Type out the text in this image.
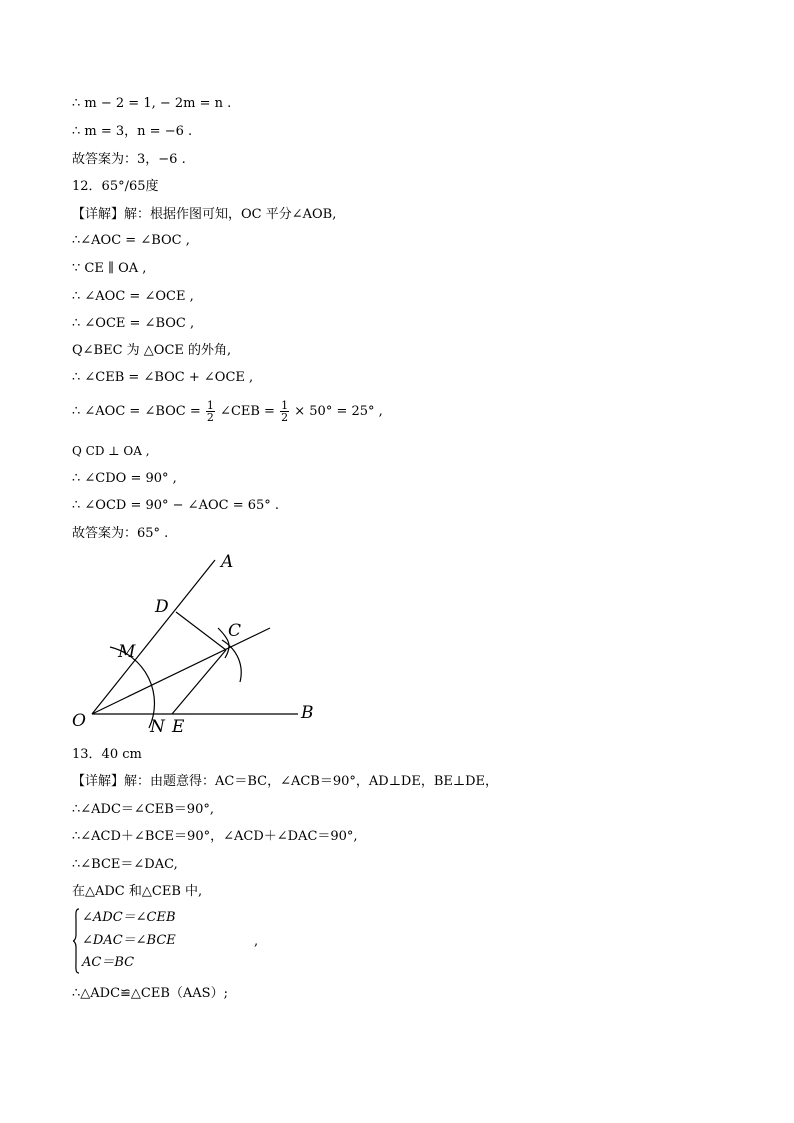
∴ m − 2 = 1, − 2m = n .
∴ m = 3，n = −6 .
故答案为：3，−6 .
12．65°/65度
【详解】解：根据作图可知，OC 平分∠AOB,
∴∠AOC = ∠BOC ,
∵ CE ∥ OA ,
∴ ∠AOC = ∠OCE ,
∴ ∠OCE = ∠BOC ,
Q∠BEC 为 △OCE 的外角,
∴ ∠CEB = ∠BOC + ∠OCE ,
∴ ∠AOC = ∠BOC = $\frac{1}{2}$ ∠CEB = $\frac{1}{2} \times 50^\circ = 25^\circ$ ,
Q CD ⊥ OA ,
∴ ∠CDO = 90° ,
∴ ∠OCD = 90° − ∠AOC = 65° .
故答案为：65° .
A
D
C
M
O	N E
B
13．40 cm
【详解】解：由题意得：AC＝BC，∠ACB＝90°，AD⊥DE，BE⊥DE，
∴∠ADC＝∠CEB＝90°,
∴∠ACD＋∠BCE＝90°，∠ACD＋∠DAC＝90°,
∴∠BCE＝∠DAC,
在△ADC 和△CEB 中,
∠ADC＝∠CEB
∠DAC＝∠BCE
AC＝BC
,
∴△ADC≌△CEB（AAS）;
